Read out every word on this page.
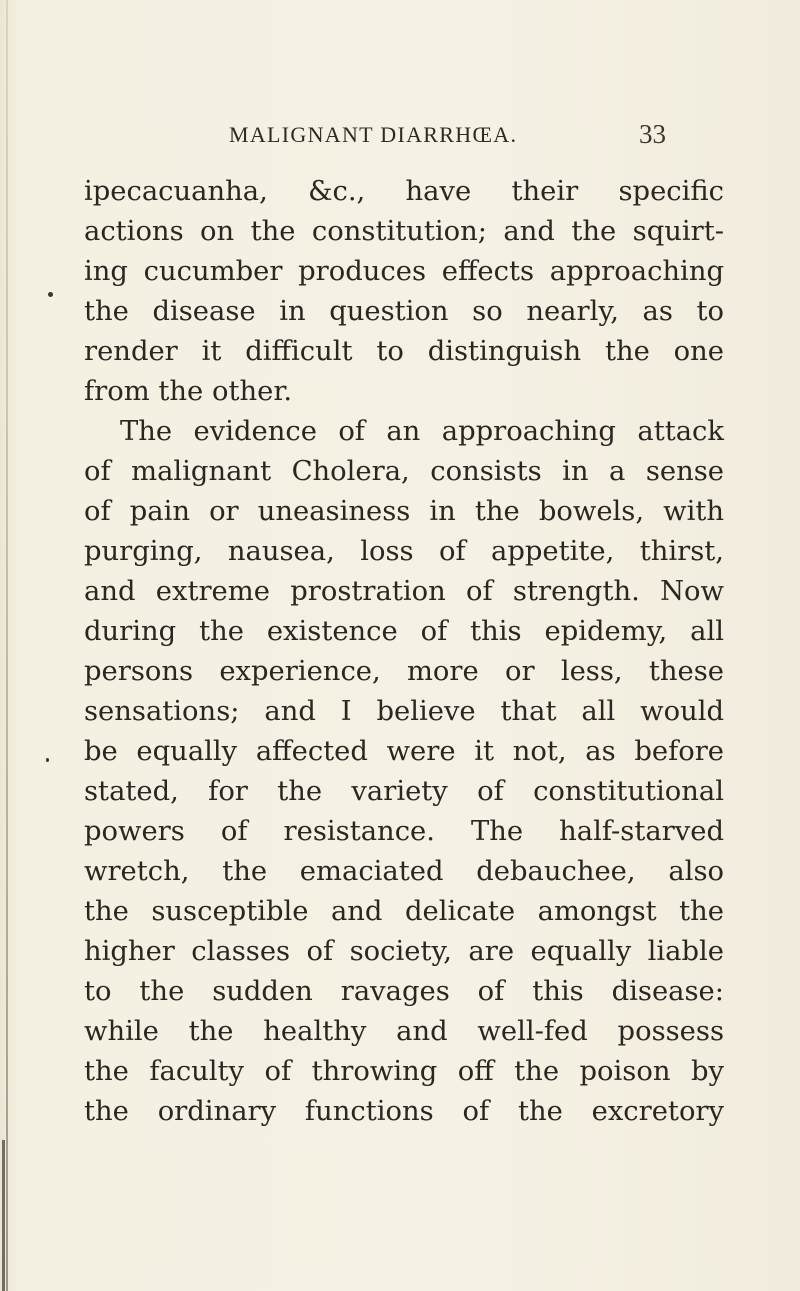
MALIGNANT DIARRHŒA.	33
ipecacuanha, &c., have their specific
actions on the constitution; and the squirt-
ing cucumber produces effects approaching
the disease in question so nearly, as to
render it difficult to distinguish the one
from the other.
The evidence of an approaching attack
of malignant Cholera, consists in a sense
of pain or uneasiness in the bowels, with
purging, nausea, loss of appetite, thirst,
and extreme prostration of strength. Now
during the existence of this epidemy, all
persons experience, more or less, these
sensations; and I believe that all would
be equally affected were it not, as before
stated, for the variety of constitutional
powers of resistance. The half-starved
wretch, the emaciated debauchee, also
the susceptible and delicate amongst the
higher classes of society, are equally liable
to the sudden ravages of this disease:
while the healthy and well-fed possess
the faculty of throwing off the poison by
the ordinary functions of the excretory
